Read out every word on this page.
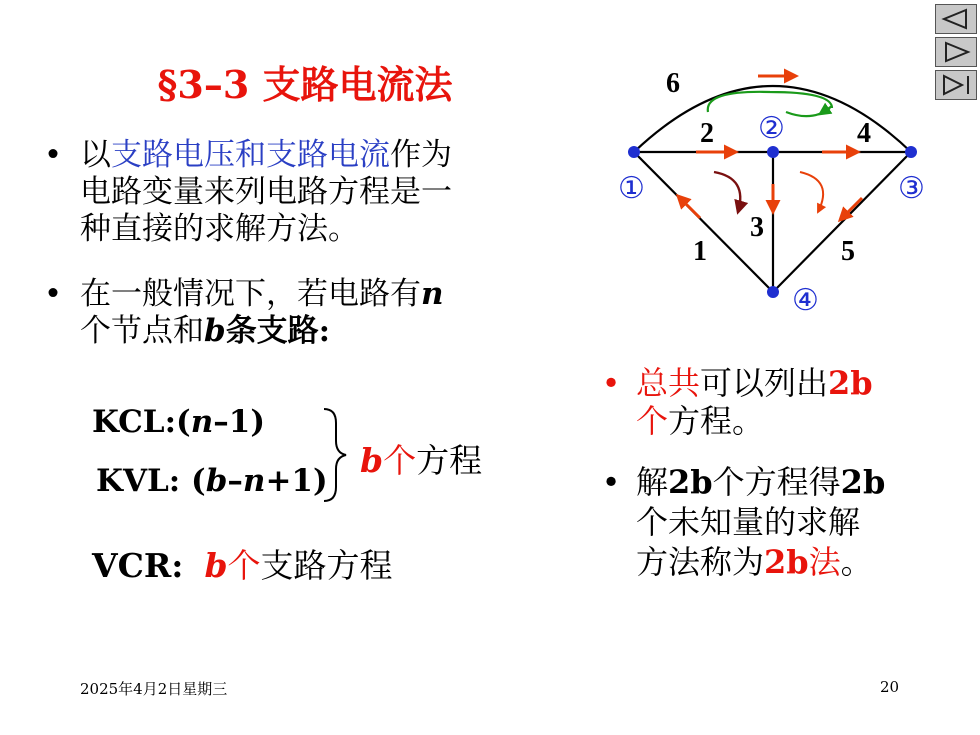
§3–3 支路电流法
• 以支路电压和支路电流作为
电路变量来列电路方程是一
种直接的求解方法。
• 在一般情况下，若电路有n
个节点和b条支路:
KCL:(n–1)
KVL: (b–n+1)
b个方程
VCR: b个支路方程
• 总共可以列出2b
个方程。
• 解2b个方程得2b
个未知量的求解
方法称为2b法。
①
②
③
④
1
2
3
4
5
6
2025年4月2日星期三	20
